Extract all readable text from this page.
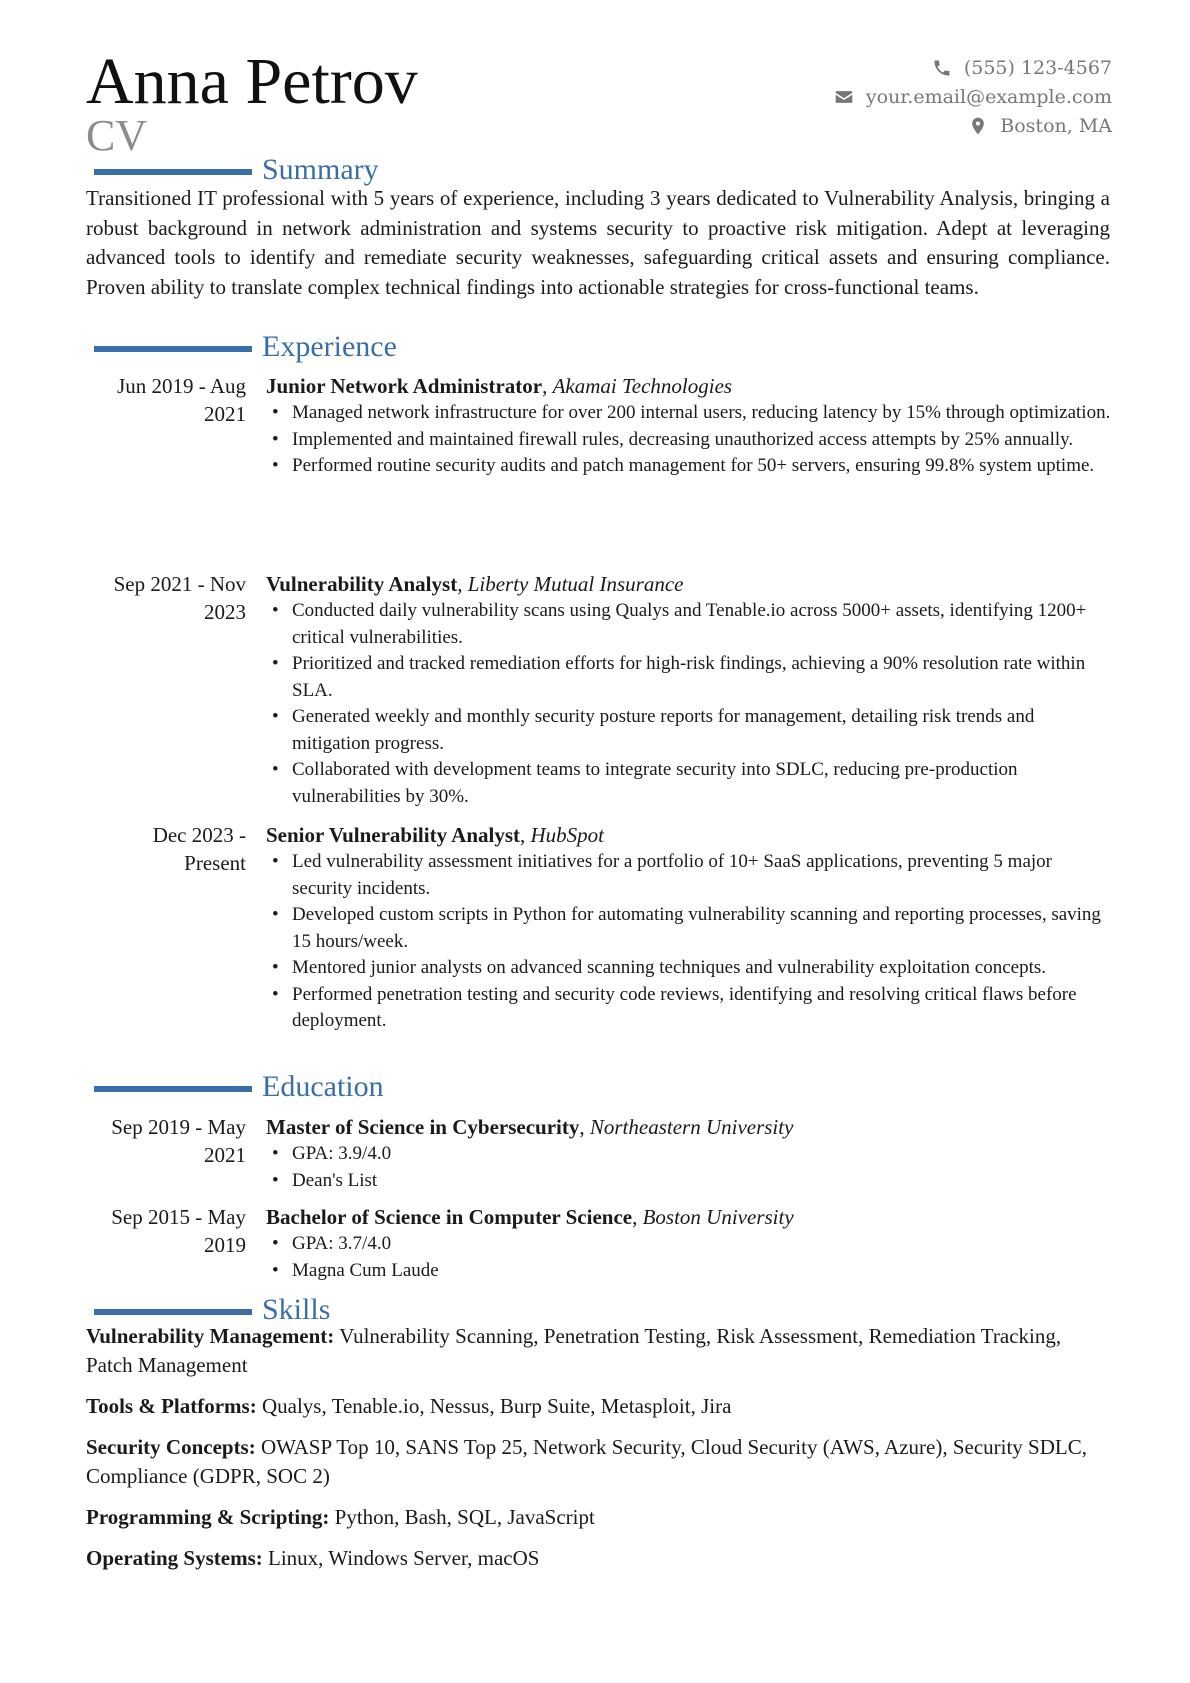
Anna Petrov
CV
(555) 123-4567
your.email@example.com
Boston, MA
Summary

Transitioned IT professional with 5 years of experience, including 3 years dedicated to Vulnerability Analysis, bringing a robust background in network administration and systems security to proactive risk mitigation. Adept at leveraging advanced tools to identify and remediate security weaknesses, safeguarding critical assets and ensuring compliance. Proven ability to translate complex technical findings into actionable strategies for cross-functional teams.

Experience
Jun 2019 - Aug 2021
Junior Network Administrator, Akamai Technologies
• Managed network infrastructure for over 200 internal users, reducing latency by 15% through optimization.
• Implemented and maintained firewall rules, decreasing unauthorized access attempts by 25% annually.
• Performed routine security audits and patch management for 50+ servers, ensuring 99.8% system uptime.
Sep 2021 - Nov 2023
Vulnerability Analyst, Liberty Mutual Insurance
• Conducted daily vulnerability scans using Qualys and Tenable.io across 5000+ assets, identifying 1200+ critical vulnerabilities.
• Prioritized and tracked remediation efforts for high-risk findings, achieving a 90% resolution rate within SLA.
• Generated weekly and monthly security posture reports for management, detailing risk trends and mitigation progress.
• Collaborated with development teams to integrate security into SDLC, reducing pre-production vulnerabilities by 30%.
Dec 2023 - Present
Senior Vulnerability Analyst, HubSpot
• Led vulnerability assessment initiatives for a portfolio of 10+ SaaS applications, preventing 5 major security incidents.
• Developed custom scripts in Python for automating vulnerability scanning and reporting processes, saving 15 hours/week.
• Mentored junior analysts on advanced scanning techniques and vulnerability exploitation concepts.
• Performed penetration testing and security code reviews, identifying and resolving critical flaws before deployment.
Education
Sep 2019 - May 2021
Master of Science in Cybersecurity, Northeastern University
• GPA: 3.9/4.0
• Dean's List
Sep 2015 - May 2019
Bachelor of Science in Computer Science, Boston University
• GPA: 3.7/4.0
• Magna Cum Laude
Skills

Vulnerability Management: Vulnerability Scanning, Penetration Testing, Risk Assessment, Remediation Tracking, Patch Management

Tools & Platforms: Qualys, Tenable.io, Nessus, Burp Suite, Metasploit, Jira

Security Concepts: OWASP Top 10, SANS Top 25, Network Security, Cloud Security (AWS, Azure), Security SDLC, Compliance (GDPR, SOC 2)

Programming & Scripting: Python, Bash, SQL, JavaScript

Operating Systems: Linux, Windows Server, macOS
